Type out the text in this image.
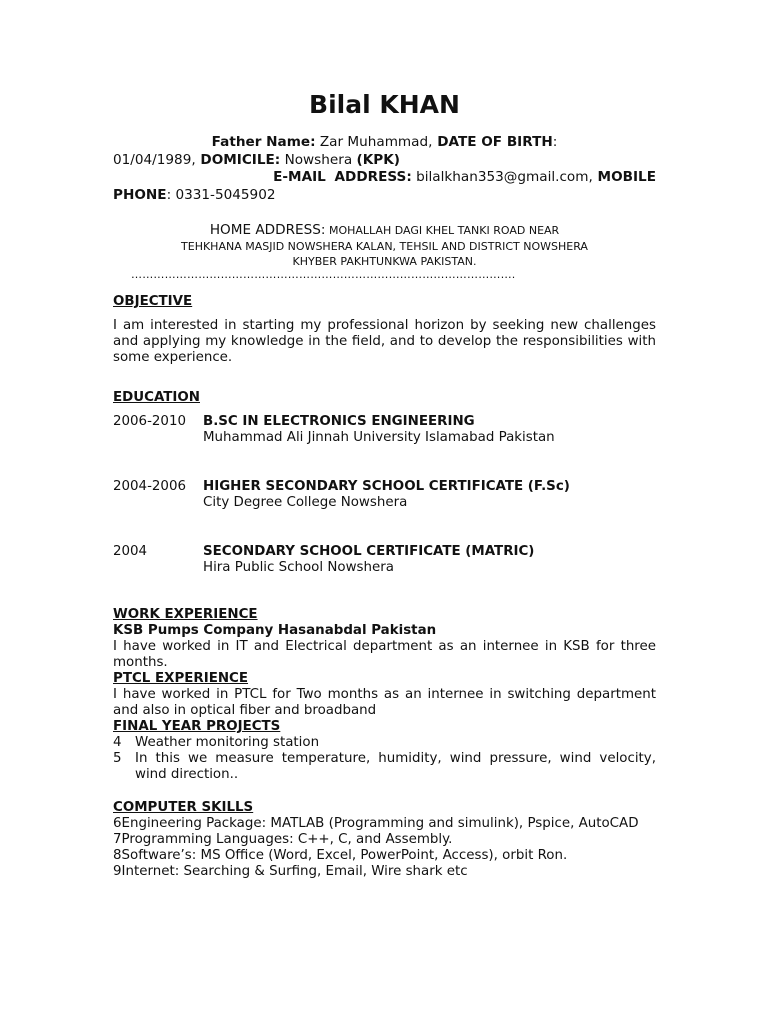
Bilal KHAN
Father Name: Zar Muhammad, DATE OF BIRTH:
01/04/1989, DOMICILE: Nowshera (KPK)
E-MAIL ADDRESS: bilalkhan353@gmail.com, MOBILE
PHONE: 0331-5045902
HOME ADDRESS: MOHALLAH DAGI KHEL TANKI ROAD NEAR
TEHKHANA MASJID NOWSHERA KALAN, TEHSIL AND DISTRICT NOWSHERA
KHYBER PAKHTUNKWA PAKISTAN.
………………………………………………………………………………………….
OBJECTIVE
I am interested in starting my professional horizon by seeking new challenges and applying my knowledge in the field, and to develop the responsibilities with some experience.
EDUCATION
2006-2010 B.SC IN ELECTRONICS ENGINEERING
Muhammad Ali Jinnah University Islamabad Pakistan
2004-2006 HIGHER SECONDARY SCHOOL CERTIFICATE (F.Sc)
City Degree College Nowshera
2004	SECONDARY SCHOOL CERTIFICATE (MATRIC)
Hira Public School Nowshera
WORK EXPERIENCE
KSB Pumps Company Hasanabdal Pakistan
I have worked in IT and Electrical department as an internee in KSB for three months.
PTCL EXPERIENCE
I have worked in PTCL for Two months as an internee in switching department and also in optical fiber and broadband
FINAL YEAR PROJECTS
4 Weather monitoring station
5 In this we measure temperature, humidity, wind pressure, wind velocity, wind direction..
COMPUTER SKILLS
6Engineering Package: MATLAB (Programming and simulink), Pspice, AutoCAD
7Programming Languages: C++, C, and Assembly.
8Software’s: MS Office (Word, Excel, PowerPoint, Access), orbit Ron.
9Internet: Searching & Surfing, Email, Wire shark etc
